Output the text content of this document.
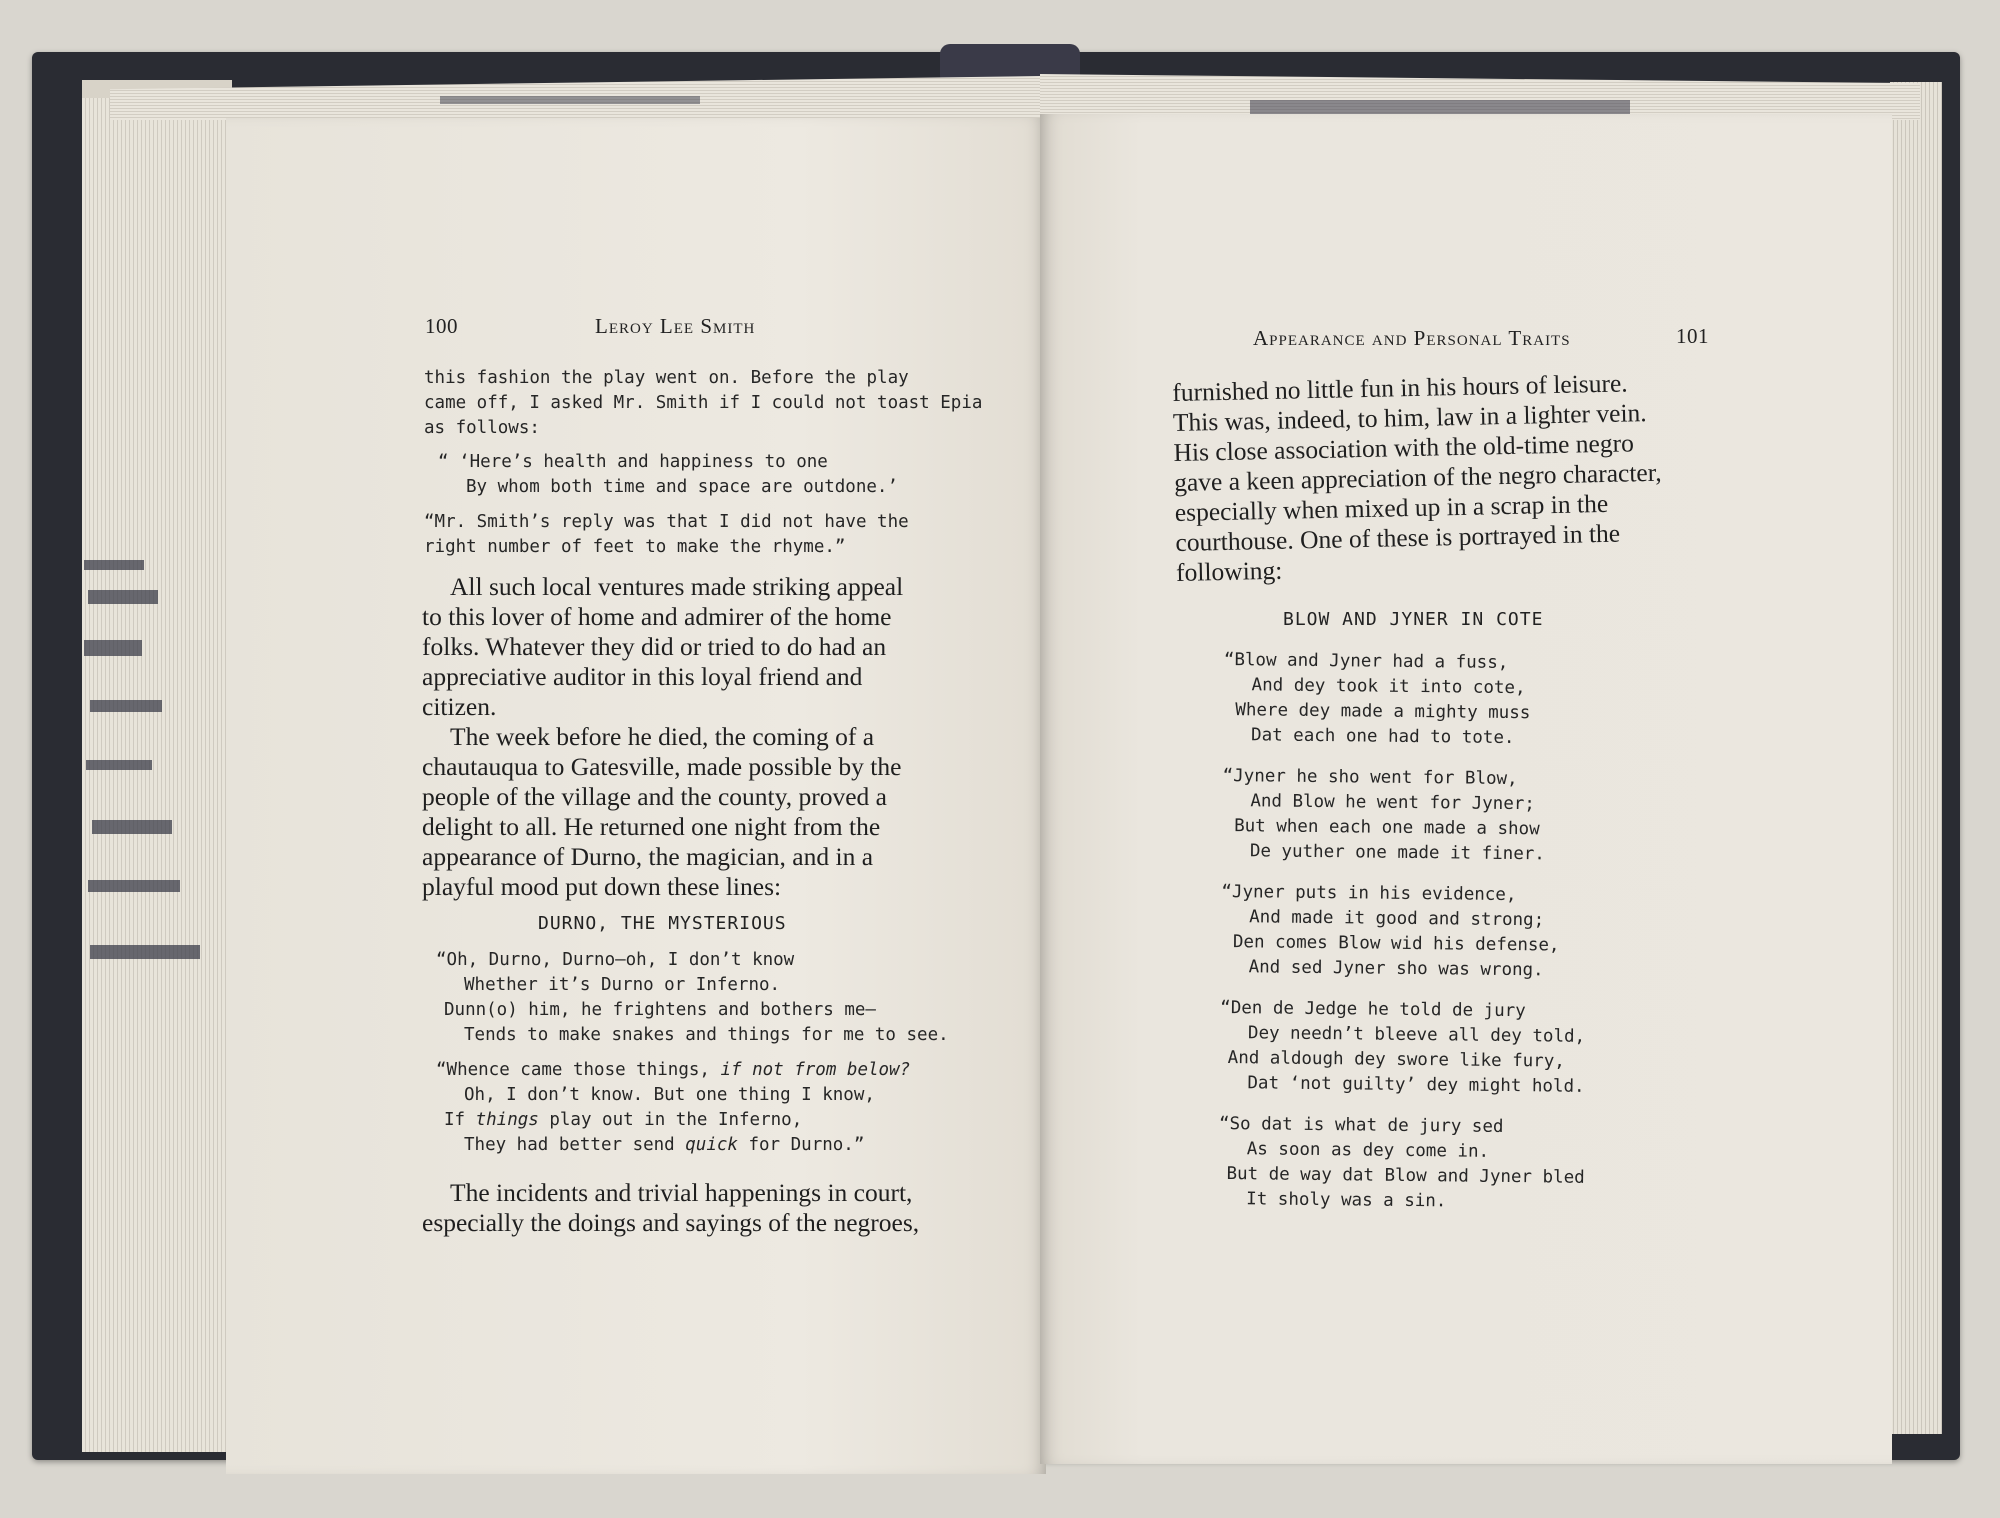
100	Leroy Lee Smith
this fashion the play went on. Before the play
came off, I asked Mr. Smith if I could not toast Epia
as follows:
“ ‘Here’s health and happiness to one
By whom both time and space are outdone.’
“Mr. Smith’s reply was that I did not have the
right number of feet to make the rhyme.”
All such local ventures made striking appeal
to this lover of home and admirer of the home
folks. Whatever they did or tried to do had an
appreciative auditor in this loyal friend and
citizen.
The week before he died, the coming of a
chautauqua to Gatesville, made possible by the
people of the village and the county, proved a
delight to all. He returned one night from the
appearance of Durno, the magician, and in a
playful mood put down these lines:
DURNO, THE MYSTERIOUS
“Oh, Durno, Durno—oh, I don’t know
Whether it’s Durno or Inferno.
Dunn(o) him, he frightens and bothers me—
Tends to make snakes and things for me to see.
“Whence came those things, if not from below?
Oh, I don’t know. But one thing I know,
If things play out in the Inferno,
They had better send quick for Durno.”
The incidents and trivial happenings in court,
especially the doings and sayings of the negroes,
Appearance and Personal Traits	101
furnished no little fun in his hours of leisure.
This was, indeed, to him, law in a lighter vein.
His close association with the old-time negro
gave a keen appreciation of the negro character,
especially when mixed up in a scrap in the
courthouse. One of these is portrayed in the
following:
BLOW AND JYNER IN COTE
“Blow and Jyner had a fuss,
And dey took it into cote,
Where dey made a mighty muss
Dat each one had to tote.
“Jyner he sho went for Blow,
And Blow he went for Jyner;
But when each one made a show
De yuther one made it finer.
“Jyner puts in his evidence,
And made it good and strong;
Den comes Blow wid his defense,
And sed Jyner sho was wrong.
“Den de Jedge he told de jury
Dey needn’t bleeve all dey told,
And aldough dey swore like fury,
Dat ‘not guilty’ dey might hold.
“So dat is what de jury sed
As soon as dey come in.
But de way dat Blow and Jyner bled
It sholy was a sin.
